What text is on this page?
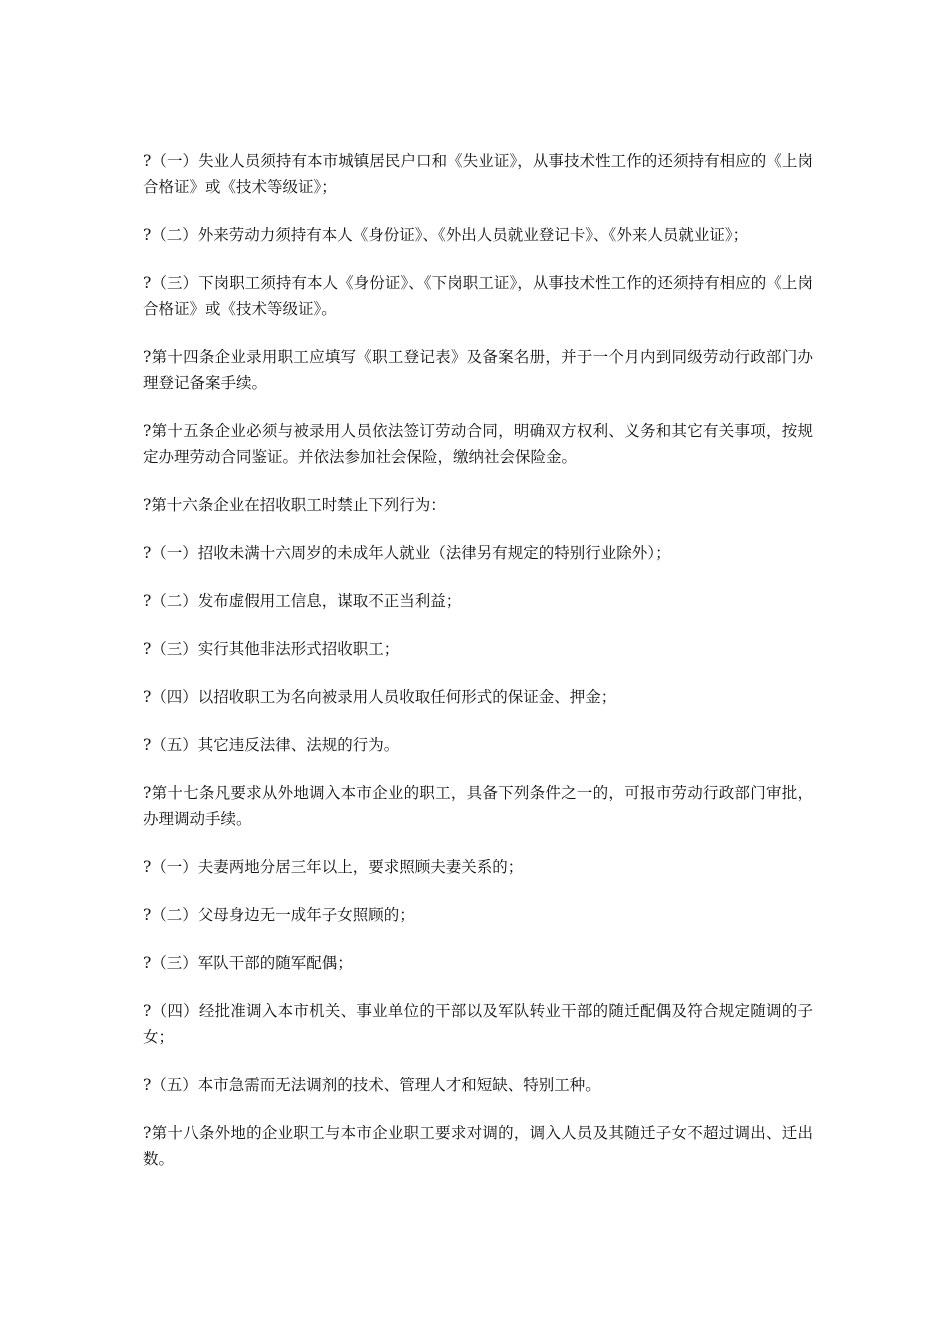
?（一）失业人员须持有本市城镇居民户口和《失业证》，从事技术性工作的还须持有相应的《上岗合格证》或《技术等级证》；

?（二）外来劳动力须持有本人《身份证》、《外出人员就业登记卡》、《外来人员就业证》；

?（三）下岗职工须持有本人《身份证》、《下岗职工证》，从事技术性工作的还须持有相应的《上岗合格证》或《技术等级证》。

?第十四条企业录用职工应填写《职工登记表》及备案名册，并于一个月内到同级劳动行政部门办理登记备案手续。

?第十五条企业必须与被录用人员依法签订劳动合同，明确双方权利、义务和其它有关事项，按规定办理劳动合同鉴证。并依法参加社会保险，缴纳社会保险金。

?第十六条企业在招收职工时禁止下列行为：

?（一）招收未满十六周岁的未成年人就业（法律另有规定的特别行业除外）；

?（二）发布虚假用工信息，谋取不正当利益；

?（三）实行其他非法形式招收职工；

?（四）以招收职工为名向被录用人员收取任何形式的保证金、押金；

?（五）其它违反法律、法规的行为。

?第十七条凡要求从外地调入本市企业的职工，具备下列条件之一的，可报市劳动行政部门审批，办理调动手续。

?（一）夫妻两地分居三年以上，要求照顾夫妻关系的；

?（二）父母身边无一成年子女照顾的；

?（三）军队干部的随军配偶；

?（四）经批准调入本市机关、事业单位的干部以及军队转业干部的随迁配偶及符合规定随调的子女；

?（五）本市急需而无法调剂的技术、管理人才和短缺、特别工种。

?第十八条外地的企业职工与本市企业职工要求对调的，调入人员及其随迁子女不超过调出、迁出数。
